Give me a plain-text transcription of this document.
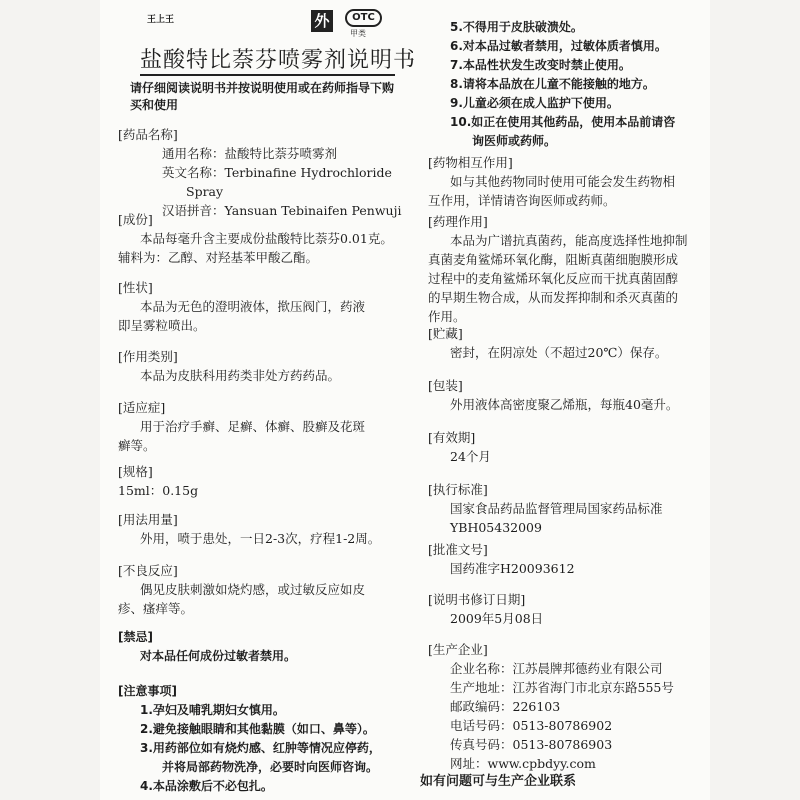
王上王	外	OTC
甲类
盐酸特比萘芬喷雾剂说明书
请仔细阅读说明书并按说明使用或在药师指导下购买和使用
[药品名称]
通用名称：盐酸特比萘芬喷雾剂
英文名称：Terbinafine Hydrochloride
Spray
汉语拼音：Yansuan Tebinaifen Penwuji
[成份]
本品每毫升含主要成份盐酸特比萘芬0.01克。
辅料为：乙醇、对羟基苯甲酸乙酯。
[性状]
本品为无色的澄明液体，揿压阀门，药液
即呈雾粒喷出。
[作用类别]
本品为皮肤科用药类非处方药药品。
[适应症]
用于治疗手癣、足癣、体癣、股癣及花斑
癣等。
[规格]
15ml：0.15g
[用法用量]
外用，喷于患处，一日2-3次，疗程1-2周。
[不良反应]
偶见皮肤刺激如烧灼感，或过敏反应如皮
疹、瘙痒等。
[禁忌]
对本品任何成份过敏者禁用。
[注意事项]
1.孕妇及哺乳期妇女慎用。
2.避免接触眼睛和其他黏膜（如口、鼻等）。
3.用药部位如有烧灼感、红肿等情况应停药，
并将局部药物洗净，必要时向医师咨询。
4.本品涂敷后不必包扎。
5.不得用于皮肤破溃处。
6.对本品过敏者禁用，过敏体质者慎用。
7.本品性状发生改变时禁止使用。
8.请将本品放在儿童不能接触的地方。
9.儿童必须在成人监护下使用。
10.如正在使用其他药品，使用本品前请咨
询医师或药师。
[药物相互作用]
如与其他药物同时使用可能会发生药物相
互作用，详情请咨询医师或药师。
[药理作用]
本品为广谱抗真菌药，能高度选择性地抑制
真菌麦角鲨烯环氧化酶，阻断真菌细胞膜形成
过程中的麦角鲨烯环氧化反应而干扰真菌固醇
的早期生物合成，从而发挥抑制和杀灭真菌的
作用。
[贮藏]
密封，在阴凉处（不超过20℃）保存。
[包装]
外用液体高密度聚乙烯瓶，每瓶40毫升。
[有效期]
24个月
[执行标准]
国家食品药品监督管理局国家药品标准
YBH05432009
[批准文号]
国药准字H20093612
[说明书修订日期]
2009年5月08日
[生产企业]
企业名称：江苏晨牌邦德药业有限公司
生产地址：江苏省海门市北京东路555号
邮政编码：226103
电话号码：0513-80786902
传真号码：0513-80786903
网址：www.cpbdyy.com
如有问题可与生产企业联系
